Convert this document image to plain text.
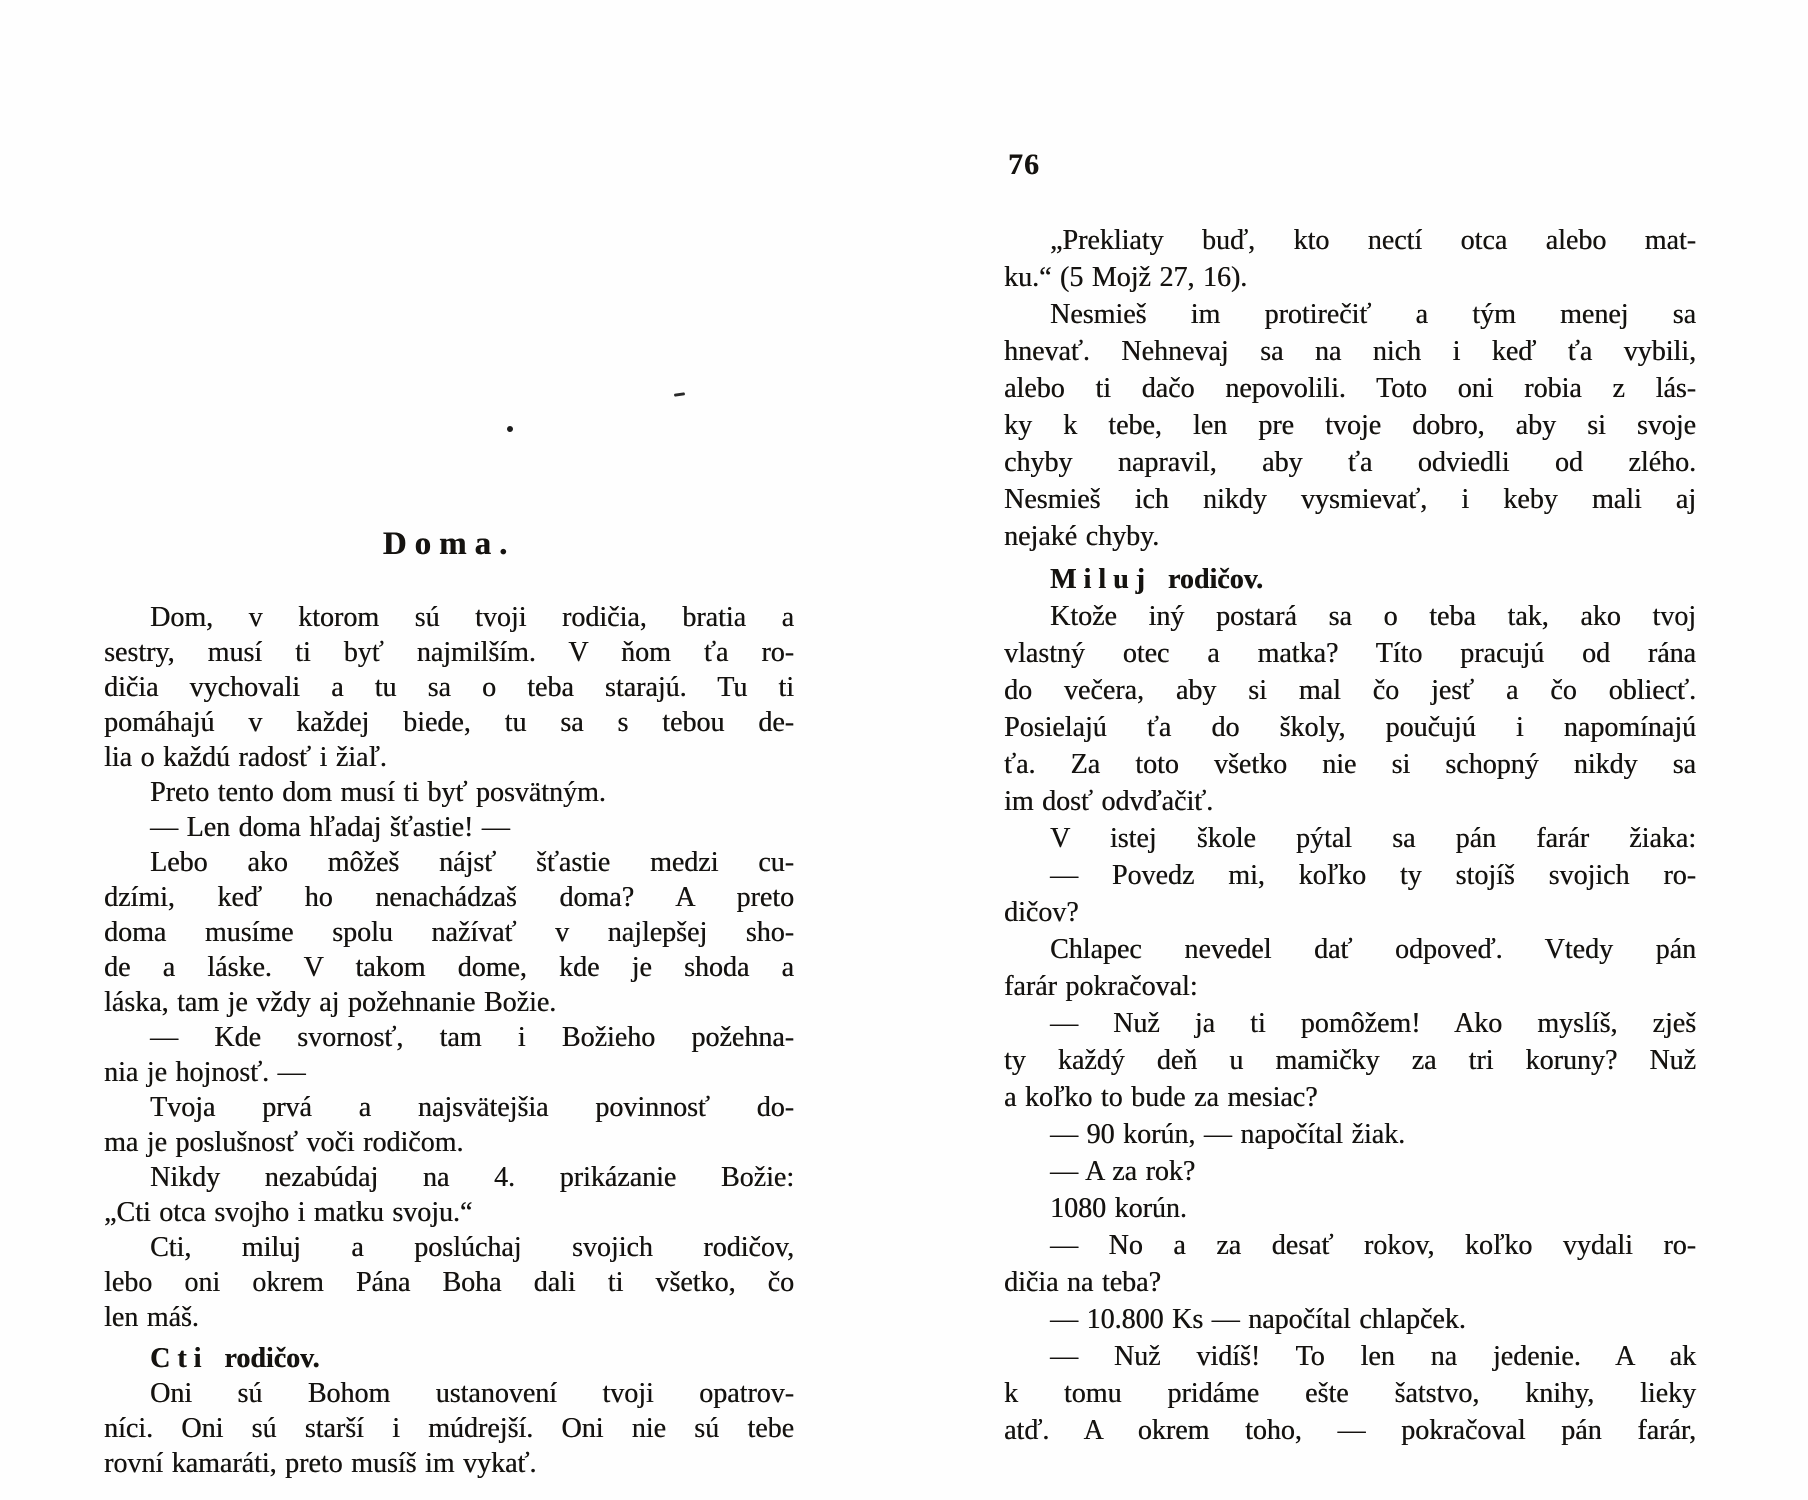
76
Doma.
Dom, v ktorom sú tvoji rodičia, bratia a
sestry, musí ti byť najmilším. V ňom ťa ro-
dičia vychovali a tu sa o teba starajú. Tu ti
pomáhajú v každej biede, tu sa s tebou de-
lia o každú radosť i žiaľ.
Preto tento dom musí ti byť posvätným.
— Len doma hľadaj šťastie! —
Lebo ako môžeš nájsť šťastie medzi cu-
dzími, keď ho nenachádzaš doma? A preto
doma musíme spolu nažívať v najlepšej sho-
de a láske. V takom dome, kde je shoda a
láska, tam je vždy aj požehnanie Božie.
— Kde svornosť, tam i Božieho požehna-
nia je hojnosť. —
Tvoja prvá a najsvätejšia povinnosť do-
ma je poslušnosť voči rodičom.
Nikdy nezabúdaj na 4. prikázanie Božie:
„Cti otca svojho i matku svoju.“
Cti, miluj a poslúchaj svojich rodičov,
lebo oni okrem Pána Boha dali ti všetko, čo
len máš.
Cti rodičov.
Oni sú Bohom ustanovení tvoji opatrov-
níci. Oni sú starší i múdrejší. Oni nie sú tebe
rovní kamaráti, preto musíš im vykať.
„Prekliaty buď, kto nectí otca alebo mat-
ku.“ (5 Mojž 27, 16).
Nesmieš im protirečiť a tým menej sa
hnevať. Nehnevaj sa na nich i keď ťa vybili,
alebo ti dačo nepovolili. Toto oni robia z lás-
ky k tebe, len pre tvoje dobro, aby si svoje
chyby napravil, aby ťa odviedli od zlého.
Nesmieš ich nikdy vysmievať, i keby mali aj
nejaké chyby.
Miluj rodičov.
Ktože iný postará sa o teba tak, ako tvoj
vlastný otec a matka? Títo pracujú od rána
do večera, aby si mal čo jesť a čo obliecť.
Posielajú ťa do školy, poučujú i napomínajú
ťa. Za toto všetko nie si schopný nikdy sa
im dosť odvďačiť.
V istej škole pýtal sa pán farár žiaka:
— Povedz mi, koľko ty stojíš svojich ro-
dičov?
Chlapec nevedel dať odpoveď. Vtedy pán
farár pokračoval:
— Nuž ja ti pomôžem! Ako myslíš, zješ
ty každý deň u mamičky za tri koruny? Nuž
a koľko to bude za mesiac?
— 90 korún, — napočítal žiak.
— A za rok?
1080 korún.
— No a za desať rokov, koľko vydali ro-
dičia na teba?
— 10.800 Ks — napočítal chlapček.
— Nuž vidíš! To len na jedenie. A ak
k tomu pridáme ešte šatstvo, knihy, lieky
atď. A okrem toho, — pokračoval pán farár,
